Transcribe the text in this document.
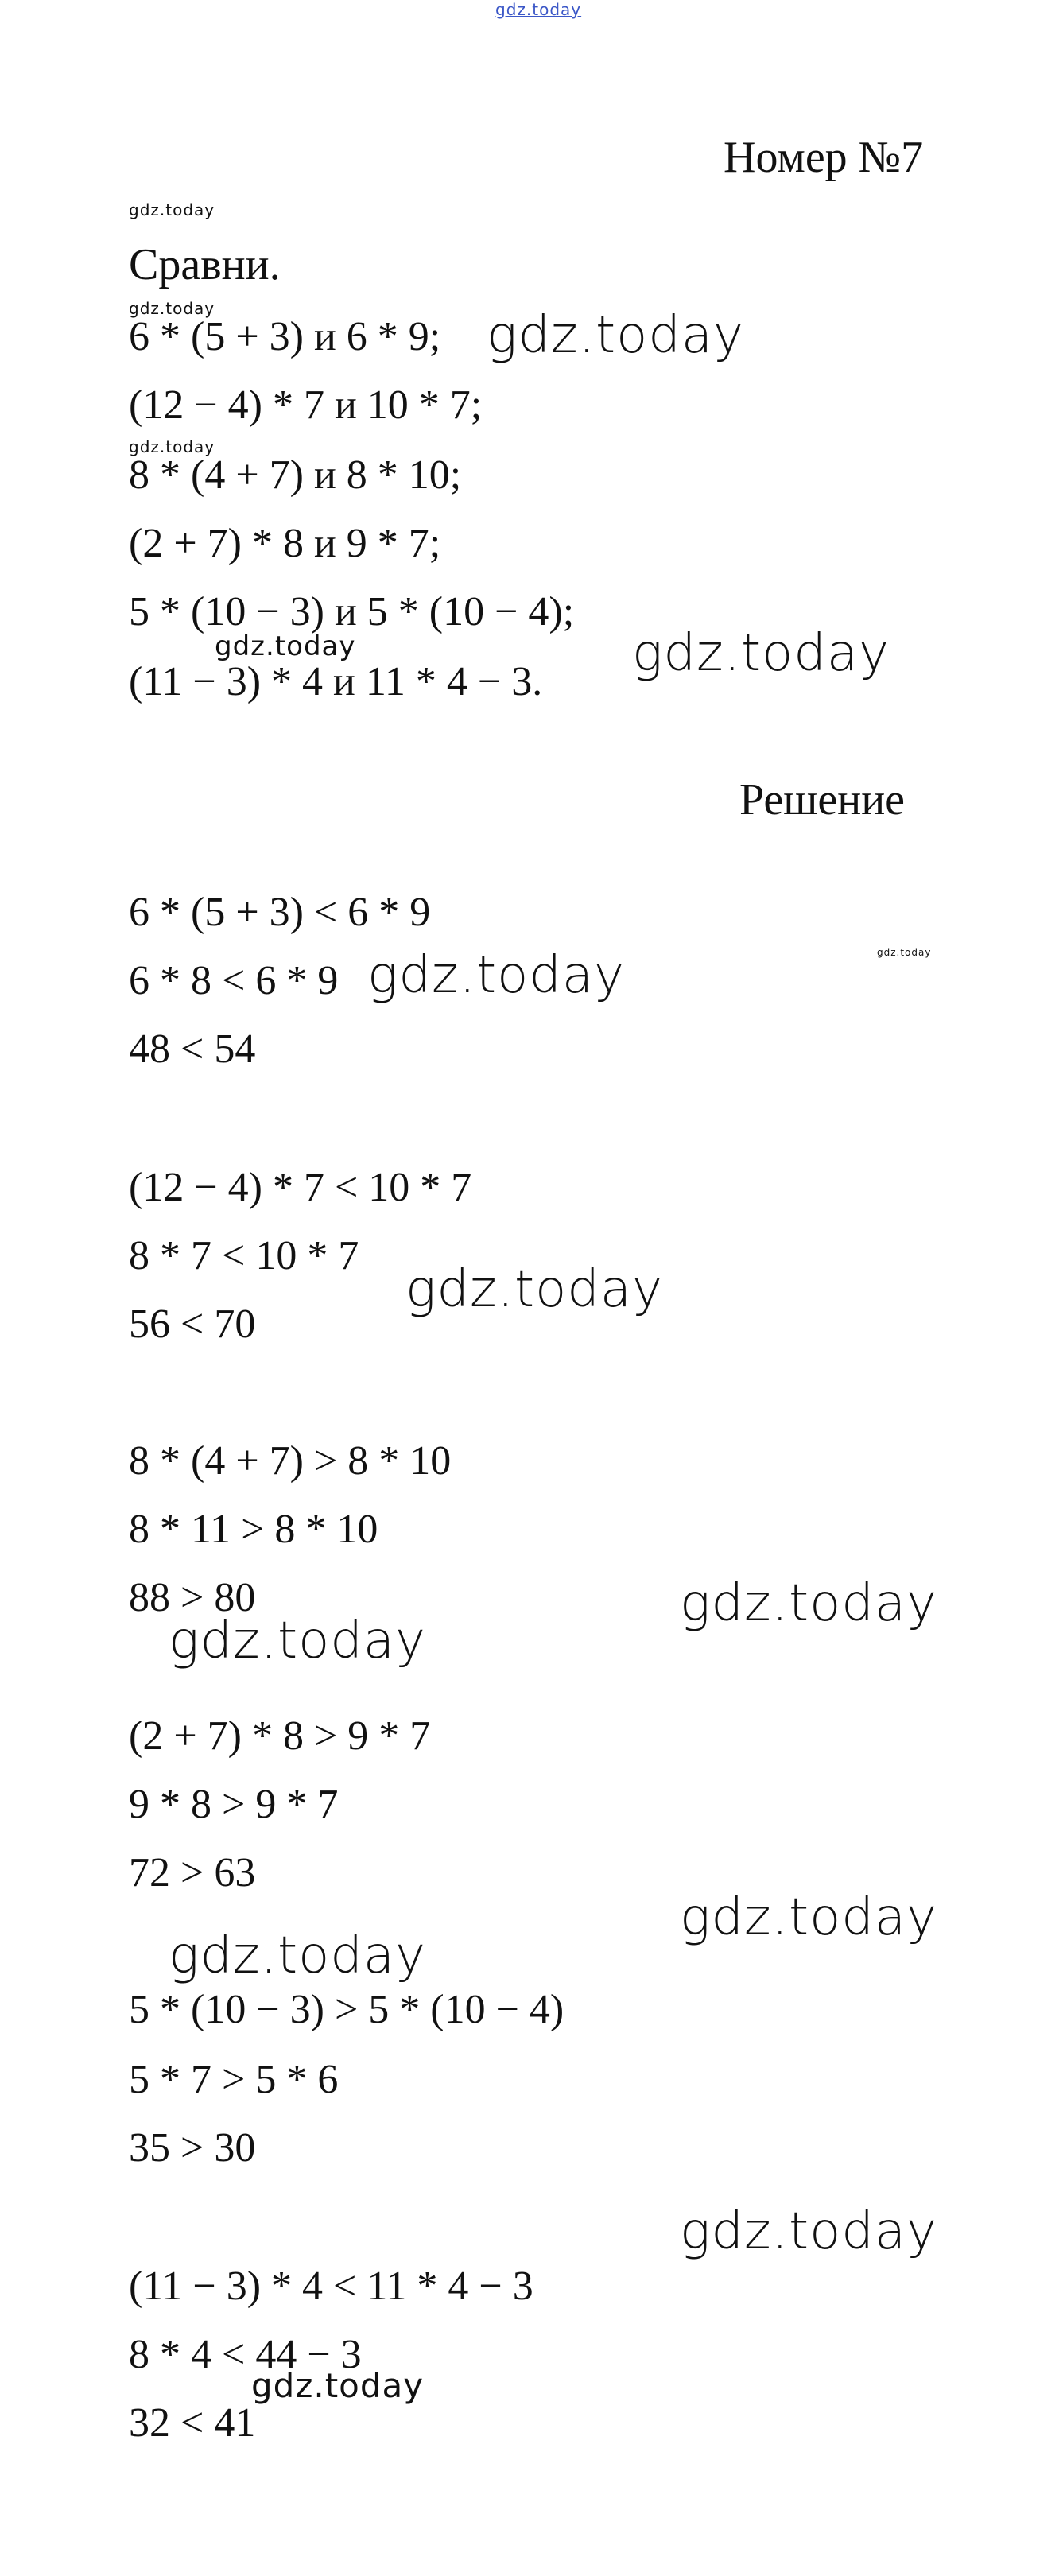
gdz.today
Номер №7
gdz.today
Сравни.
gdz.today
6 * (5 + 3) и 6 * 9; gdz.today
(12 − 4) * 7 и 10 * 7;
gdz.today
8 * (4 + 7) и 8 * 10;
(2 + 7) * 8 и 9 * 7;
5 * (10 − 3) и 5 * (10 − 4);
gdz.today
(11 − 3) * 4 и 11 * 4 − 3. gdz.today
Решение
6 * (5 + 3) < 6 * 9
gdz.today
6 * 8 < 6 * 9 gdz.today
48 < 54
(12 − 4) * 7 < 10 * 7
8 * 7 < 10 * 7
gdz.today
56 < 70
8 * (4 + 7) > 8 * 10
8 * 11 > 8 * 10
88 > 80	gdz.today
gdz.today
(2 + 7) * 8 > 9 * 7
9 * 8 > 9 * 7
72 > 63
gdz.today
gdz.today
5 * (10 − 3) > 5 * (10 − 4)
5 * 7 > 5 * 6
35 > 30
gdz.today
(11 − 3) * 4 < 11 * 4 − 3
8 * 4 < 44 − 3
gdz.today
32 < 41
